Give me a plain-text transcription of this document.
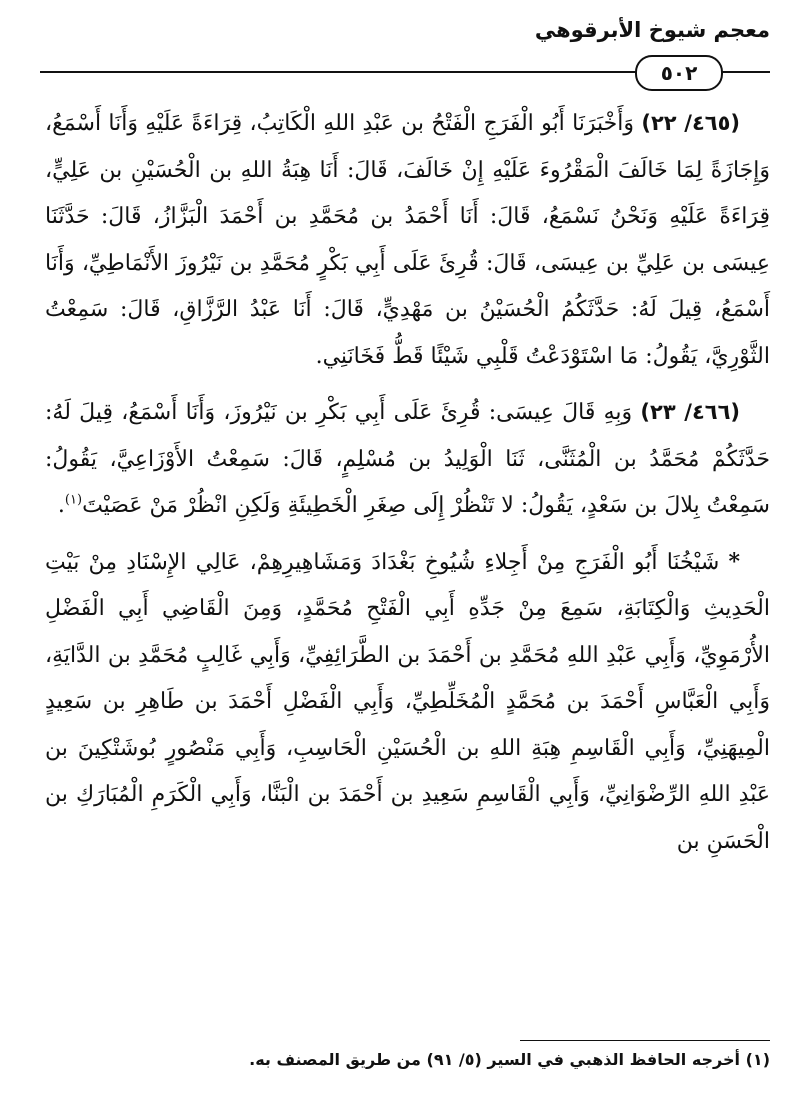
معجم شيوخ الأبرقوهي
٥٠٢

(٤٦٥/ ٢٢) وَأَخْبَرَنَا أَبُو الْفَرَجِ الْفَتْحُ بن عَبْدِ اللهِ الْكَاتِبُ، قِرَاءَةً عَلَيْهِ وَأَنَا أَسْمَعُ، وَإِجَازَةً لِمَا خَالَفَ الْمَقْرُوءَ عَلَيْهِ إِنْ خَالَفَ، قَالَ: أَنَا هِبَةُ اللهِ بن الْحُسَيْنِ بن عَلِيٍّ، قِرَاءَةً عَلَيْهِ وَنَحْنُ نَسْمَعُ، قَالَ: أَنَا أَحْمَدُ بن مُحَمَّدِ بن أَحْمَدَ الْبَزَّازُ، قَالَ: حَدَّثَنَا عِيسَى بن عَلِيِّ بن عِيسَى، قَالَ: قُرِئَ عَلَى أَبِي بَكْرٍ مُحَمَّدِ بن نَيْرُوزَ الأَنْمَاطِيِّ، وَأَنَا أَسْمَعُ، قِيلَ لَهُ: حَدَّثَكُمُ الْحُسَيْنُ بن مَهْدِيٍّ، قَالَ: أَنَا عَبْدُ الرَّزَّاقِ، قَالَ: سَمِعْتُ الثَّوْرِيَّ، يَقُولُ: مَا اسْتَوْدَعْتُ قَلْبِي شَيْئًا قَطُّ فَخَانَنِي.

(٤٦٦/ ٢٣) وَبِهِ قَالَ عِيسَى: قُرِئَ عَلَى أَبِي بَكْرِ بن نَيْرُوزَ، وَأَنَا أَسْمَعُ، قِيلَ لَهُ: حَدَّثَكُمْ مُحَمَّدُ بن الْمُثَنَّى، ثَنَا الْوَلِيدُ بن مُسْلِمٍ، قَالَ: سَمِعْتُ الأَوْزَاعِيَّ، يَقُولُ: سَمِعْتُ بِلالَ بن سَعْدٍ، يَقُولُ: لا تَنْظُرْ إِلَى صِغَرِ الْخَطِيئَةِ وَلَكِنِ انْظُرْ مَنْ عَصَيْتَ$^{(١)}$.

* شَيْخُنَا أَبُو الْفَرَجِ مِنْ أَجِلاءِ شُيُوخِ بَغْدَادَ وَمَشَاهِيرِهِمْ، عَالِي الإِسْنَادِ مِنْ بَيْتِ الْحَدِيثِ وَالْكِتَابَةِ، سَمِعَ مِنْ جَدِّهِ أَبِي الْفَتْحِ مُحَمَّدٍ، وَمِنَ الْقَاضِي أَبِي الْفَضْلِ الأُرْمَوِيِّ، وَأَبِي عَبْدِ اللهِ مُحَمَّدِ بن أَحْمَدَ بن الطَّرَائِفِيِّ، وَأَبِي غَالِبٍ مُحَمَّدِ بن الدَّايَةِ، وَأَبِي الْعَبَّاسِ أَحْمَدَ بن مُحَمَّدٍ الْمُخَلِّطِيِّ، وَأَبِي الْفَضْلِ أَحْمَدَ بن طَاهِرِ بن سَعِيدٍ الْمِيهَنِيِّ، وَأَبِي الْقَاسِمِ هِبَةِ اللهِ بن الْحُسَيْنِ الْحَاسِبِ، وَأَبِي مَنْصُورٍ بُوشَتْكِينَ بن عَبْدِ اللهِ الرِّضْوَانِيِّ، وَأَبِي الْقَاسِمِ سَعِيدِ بن أَحْمَدَ بن الْبَنَّا، وَأَبِي الْكَرَمِ الْمُبَارَكِ بن الْحَسَنِ بن

(١) أخرجه الحافظ الذهبي في السير (٥/ ٩١) من طريق المصنف به.
